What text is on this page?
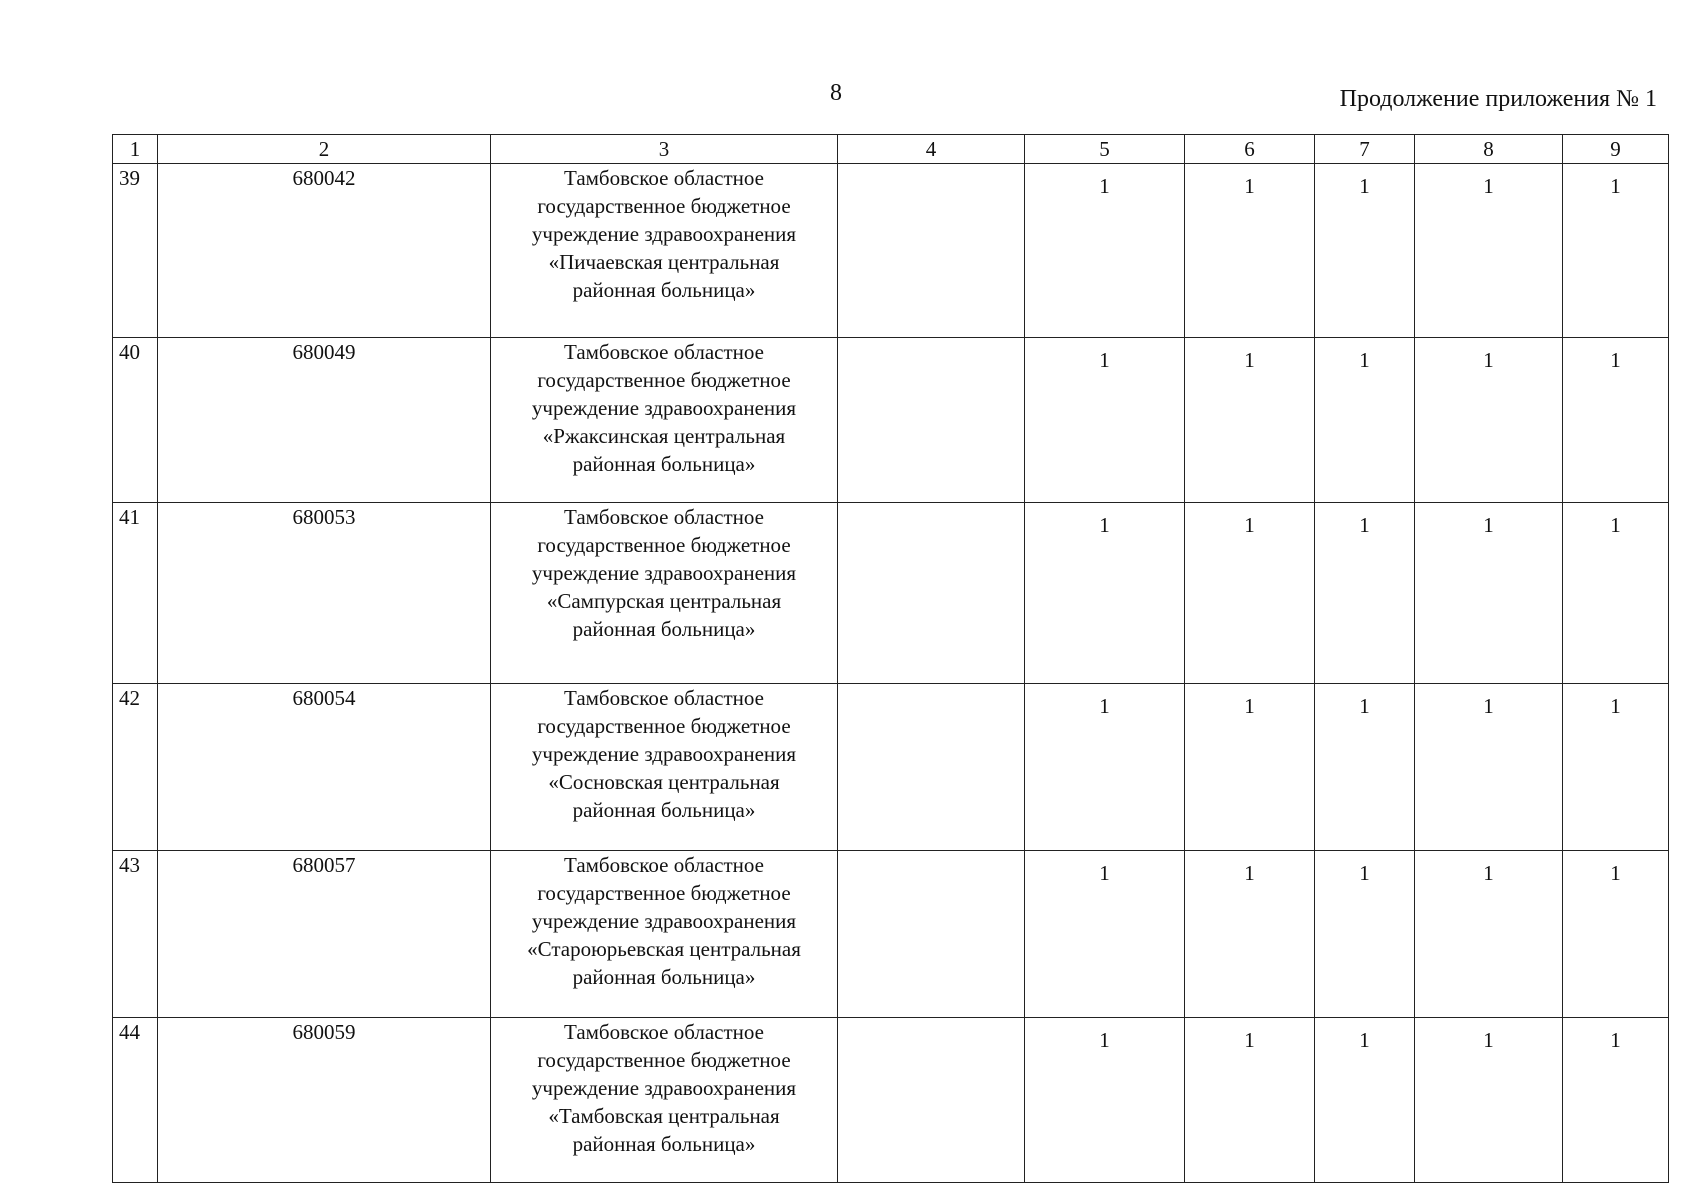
8	Продолжение приложения № 1
1	2	3	4	5	6	7	8	9
39	680042	Тамбовское областное
государственное бюджетное
учреждение здравоохранения
«Пичаевская центральная
районная больница»		1	1	1	1	1
40	680049	Тамбовское областное
государственное бюджетное
учреждение здравоохранения
«Ржаксинская центральная
районная больница»		1	1	1	1	1
41	680053	Тамбовское областное
государственное бюджетное
учреждение здравоохранения
«Сампурская центральная
районная больница»		1	1	1	1	1
42	680054	Тамбовское областное
государственное бюджетное
учреждение здравоохранения
«Сосновская центральная
районная больница»		1	1	1	1	1
43	680057	Тамбовское областное
государственное бюджетное
учреждение здравоохранения
«Староюрьевская центральная
районная больница»		1	1	1	1	1
44	680059	Тамбовское областное
государственное бюджетное
учреждение здравоохранения
«Тамбовская центральная
районная больница»		1	1	1	1	1
